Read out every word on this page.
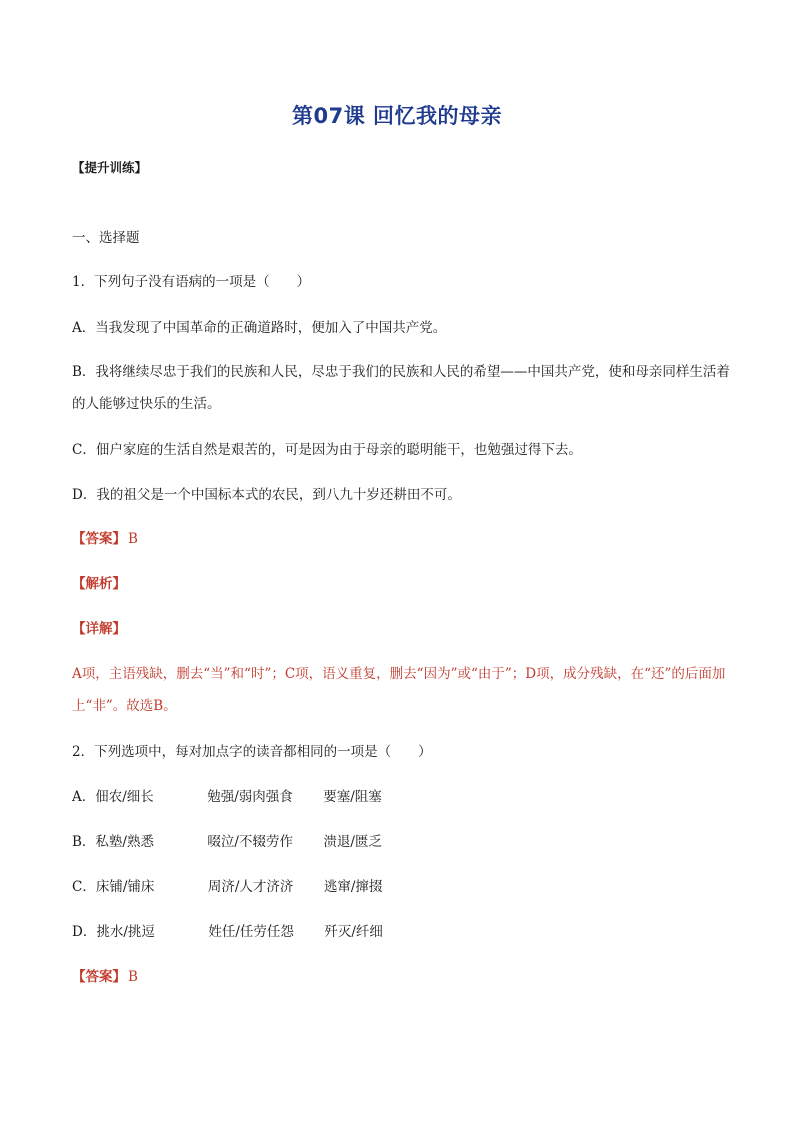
第07课 回忆我的母亲
【提升训练】
一、选择题
1．下列句子没有语病的一项是（　　）
A．当我发现了中国革命的正确道路时，便加入了中国共产党。
B．我将继续尽忠于我们的民族和人民，尽忠于我们的民族和人民的希望——中国共产党，使和母亲同样生活着的人能够过快乐的生活。
C．佃户家庭的生活自然是艰苦的，可是因为由于母亲的聪明能干，也勉强过得下去。
D．我的祖父是一个中国标本式的农民，到八九十岁还耕田不可。
【答案】 B
【解析】
【详解】
A项，主语残缺，删去“当”和“时”；C项，语义重复，删去“因为”或“由于”；D项，成分残缺，在“还”的后面加上“非”。故选B。
2．下列选项中，每对加点字的读音都相同的一项是（　　）
A．佃农/细长	勉强/弱肉强食 要塞/阻塞
B．私塾/熟悉	啜泣/不辍劳作 溃退/匮乏
C．床铺/铺床	周济/人才济济 逃窜/撺掇
D．挑水/挑逗	姓任/任劳任怨 歼灭/纤细
【答案】 B
